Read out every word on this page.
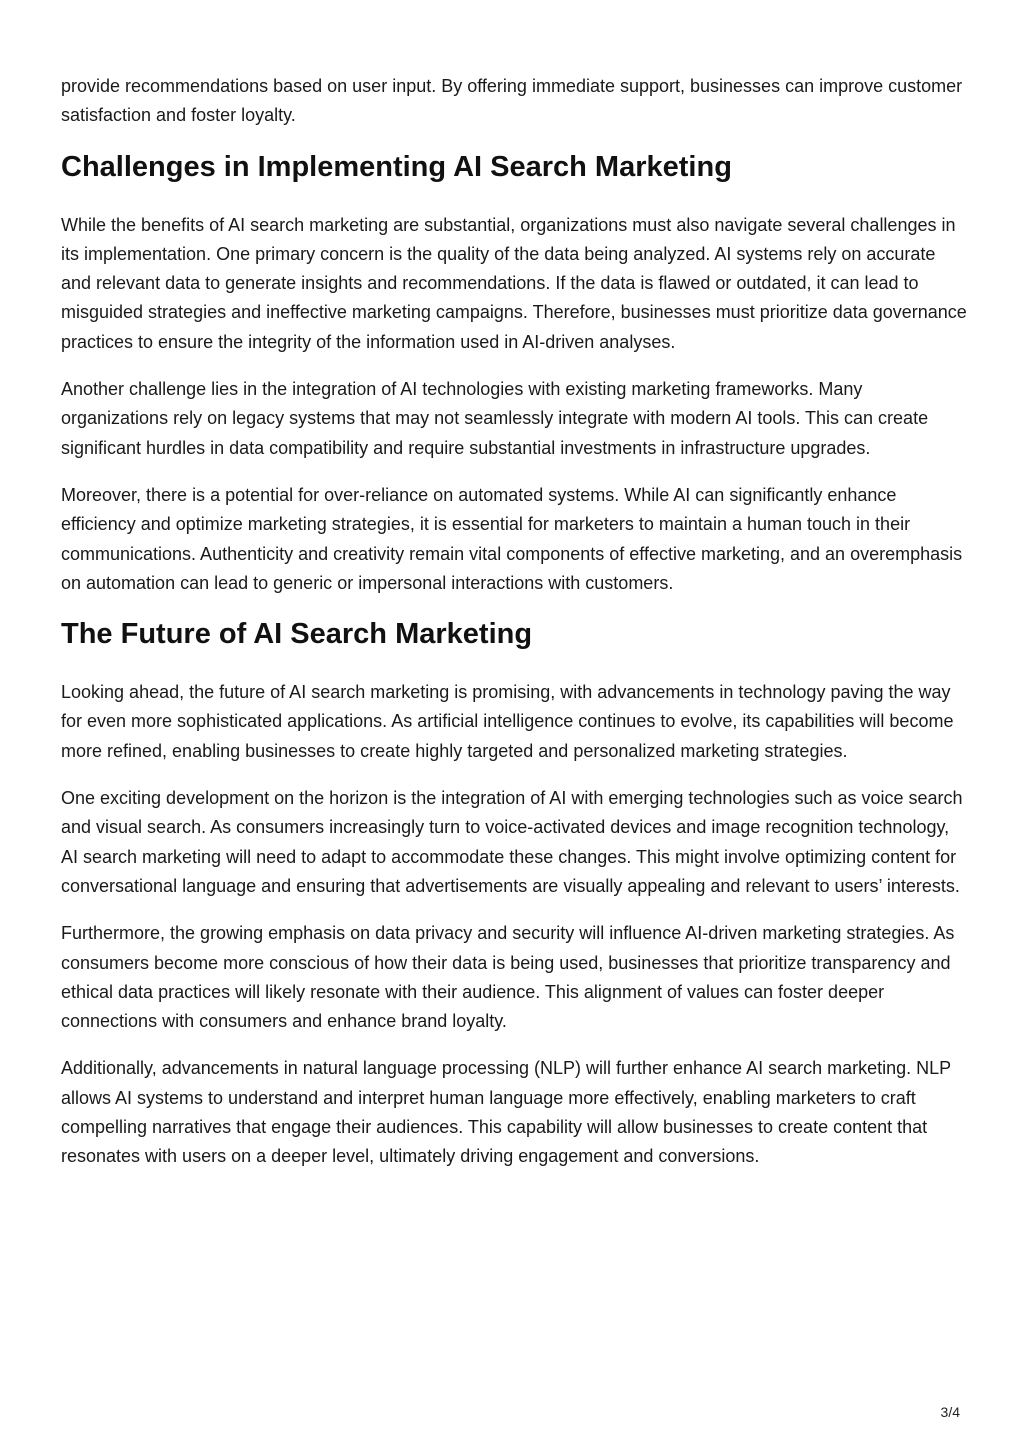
provide recommendations based on user input. By offering immediate support, businesses can improve customer satisfaction and foster loyalty.

Challenges in Implementing AI Search Marketing

While the benefits of AI search marketing are substantial, organizations must also navigate several challenges in its implementation. One primary concern is the quality of the data being analyzed. AI systems rely on accurate and relevant data to generate insights and recommendations. If the data is flawed or outdated, it can lead to misguided strategies and ineffective marketing campaigns. Therefore, businesses must prioritize data governance practices to ensure the integrity of the information used in AI-driven analyses.

Another challenge lies in the integration of AI technologies with existing marketing frameworks. Many organizations rely on legacy systems that may not seamlessly integrate with modern AI tools. This can create significant hurdles in data compatibility and require substantial investments in infrastructure upgrades.

Moreover, there is a potential for over-reliance on automated systems. While AI can significantly enhance efficiency and optimize marketing strategies, it is essential for marketers to maintain a human touch in their communications. Authenticity and creativity remain vital components of effective marketing, and an overemphasis on automation can lead to generic or impersonal interactions with customers.

The Future of AI Search Marketing

Looking ahead, the future of AI search marketing is promising, with advancements in technology paving the way for even more sophisticated applications. As artificial intelligence continues to evolve, its capabilities will become more refined, enabling businesses to create highly targeted and personalized marketing strategies.

One exciting development on the horizon is the integration of AI with emerging technologies such as voice search and visual search. As consumers increasingly turn to voice-activated devices and image recognition technology, AI search marketing will need to adapt to accommodate these changes. This might involve optimizing content for conversational language and ensuring that advertisements are visually appealing and relevant to users’ interests.

Furthermore, the growing emphasis on data privacy and security will influence AI-driven marketing strategies. As consumers become more conscious of how their data is being used, businesses that prioritize transparency and ethical data practices will likely resonate with their audience. This alignment of values can foster deeper connections with consumers and enhance brand loyalty.

Additionally, advancements in natural language processing (NLP) will further enhance AI search marketing. NLP allows AI systems to understand and interpret human language more effectively, enabling marketers to craft compelling narratives that engage their audiences. This capability will allow businesses to create content that resonates with users on a deeper level, ultimately driving engagement and conversions.

3/4
